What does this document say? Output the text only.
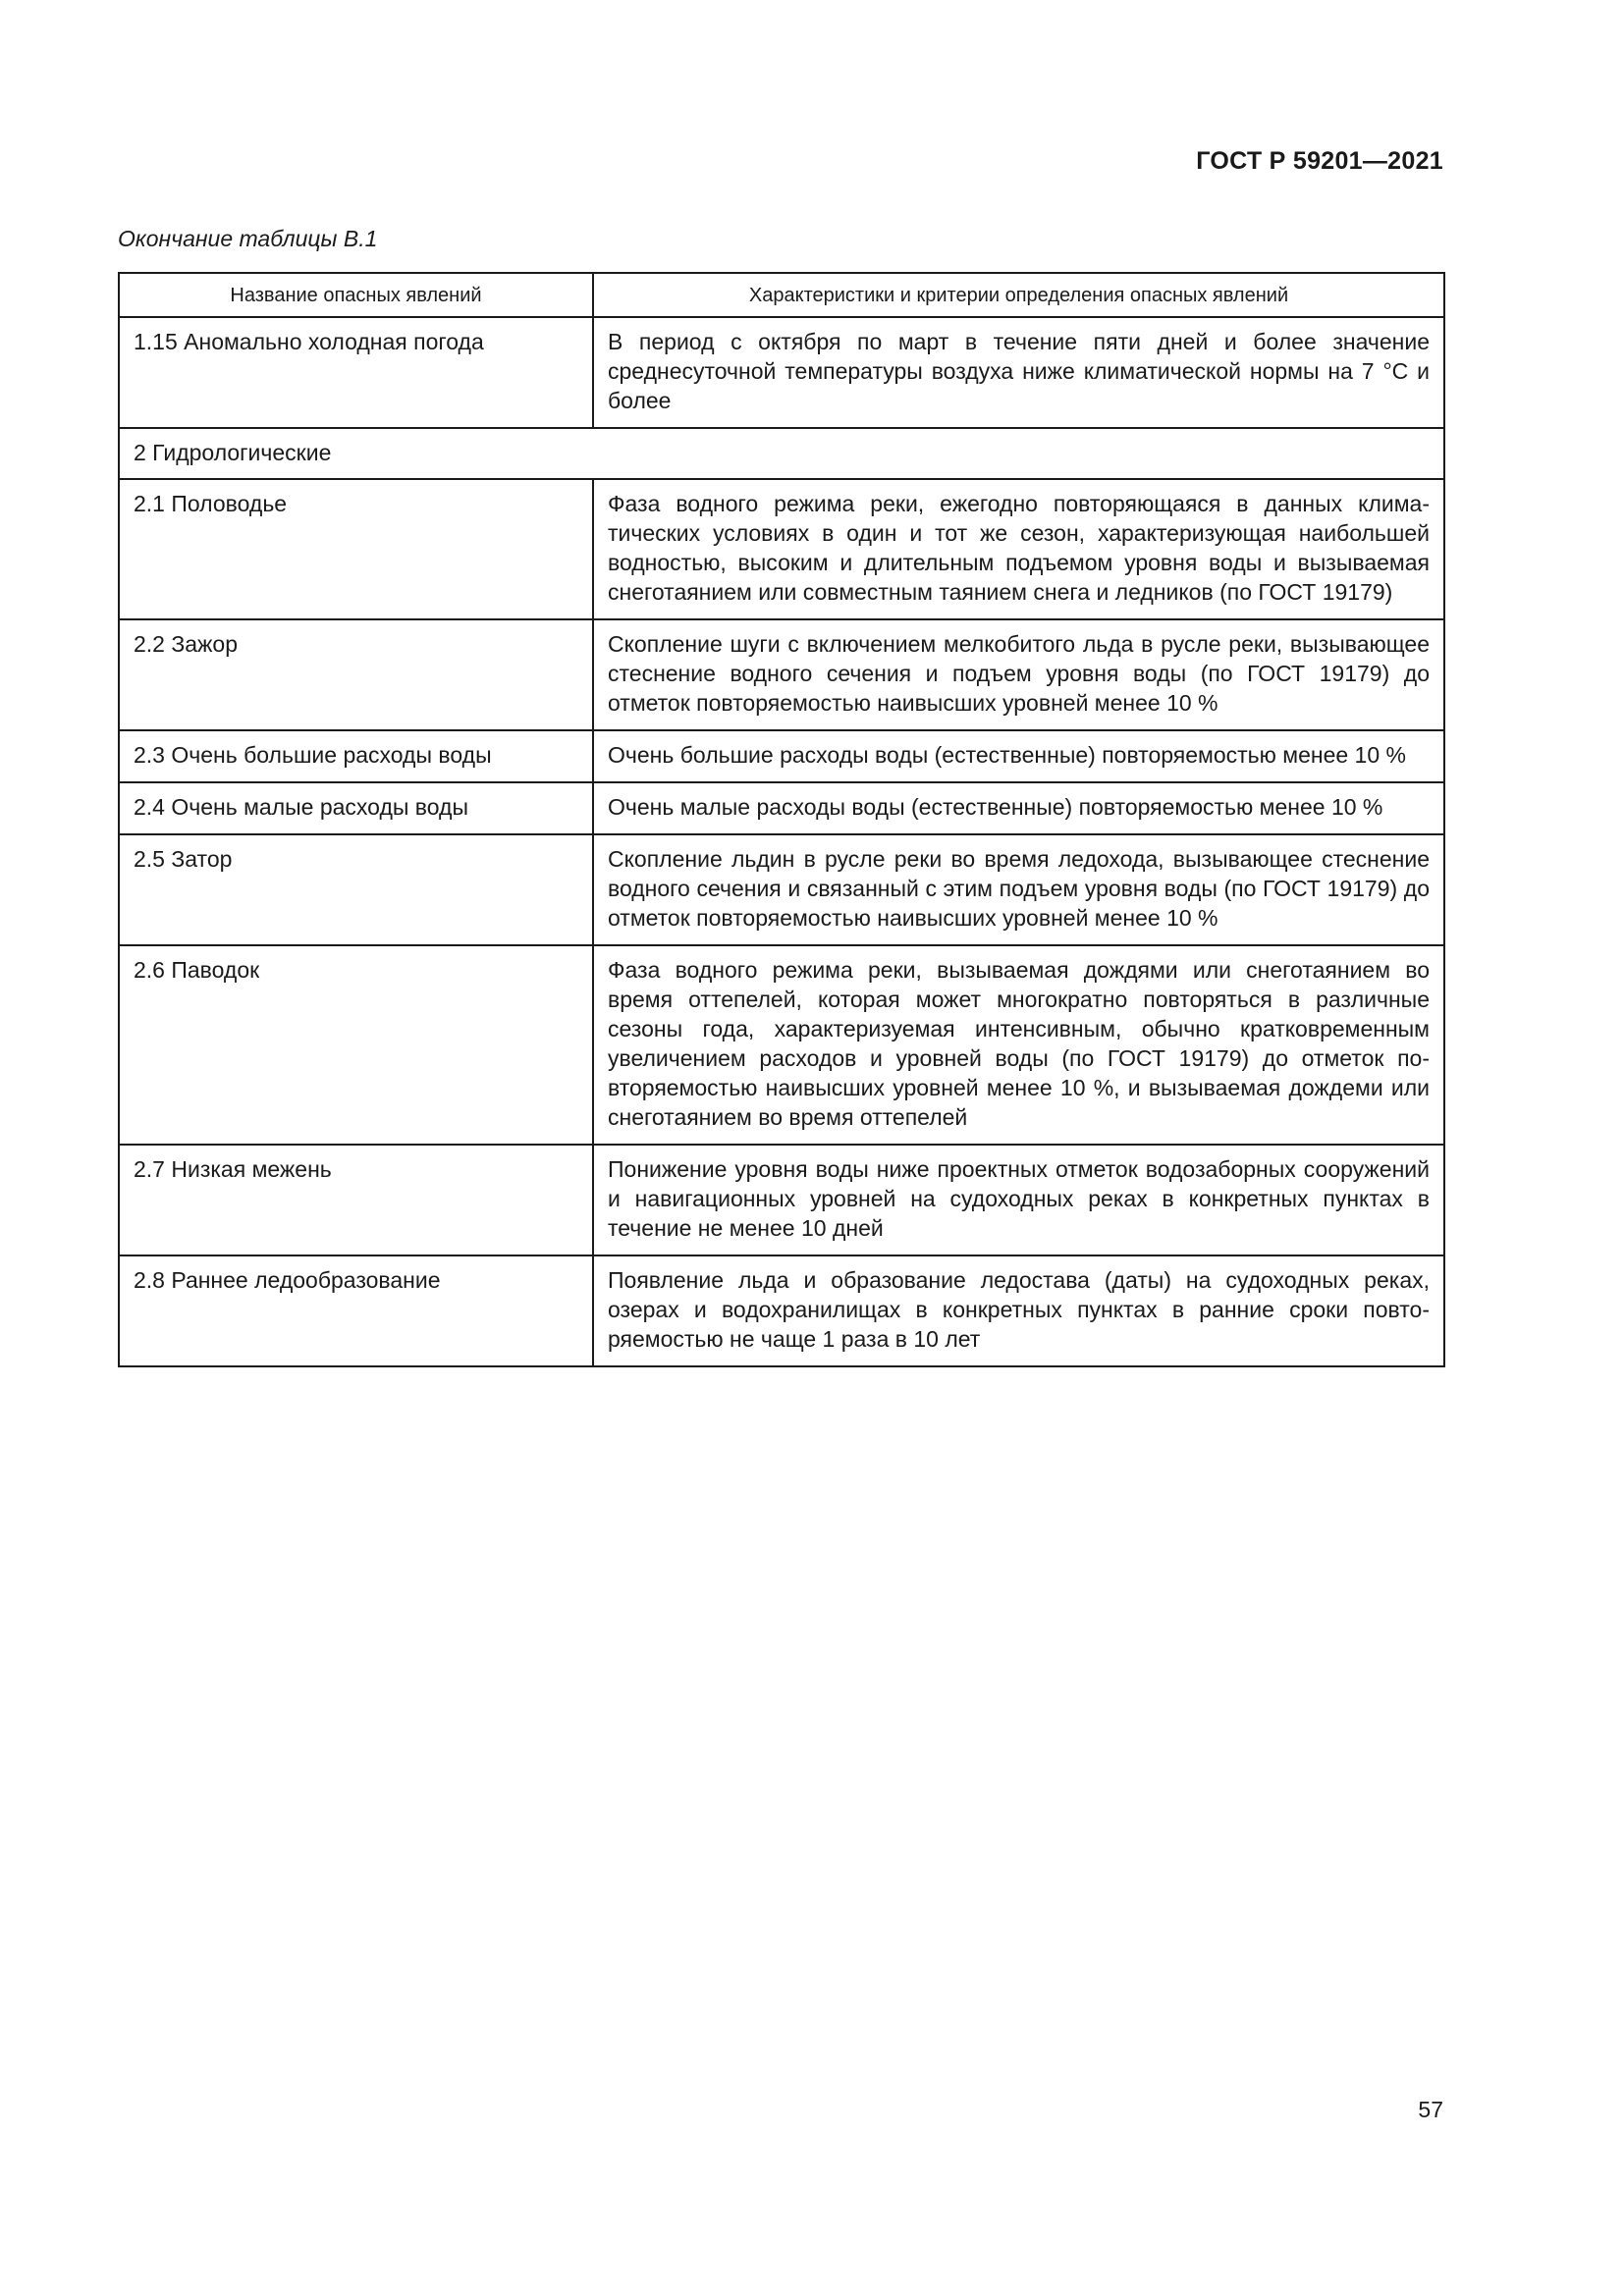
ГОСТ Р 59201—2021
Окончание таблицы В.1
Название опасных явлений	Характеристики и критерии определения опасных явлений
1.15 Аномально холодная погода	В период с октября по март в течение пяти дней и более значение среднесуточной температуры воздуха ниже климатической нормы на 7 °С и более
2 Гидрологические	
2.1 Половодье	Фаза водного режима реки, ежегодно повторяющаяся в данных климатических условиях в один и тот же сезон, характеризующая наибольшей водностью, высоким и длительным подъемом уровня воды и вызываемая снеготаянием или совместным таянием снега и ледников (по ГОСТ 19179)
2.2 Зажор	Скопление шуги с включением мелкобитого льда в русле реки, вызывающее стеснение водного сечения и подъем уровня воды (по ГОСТ 19179) до отметок повторяемостью наивысших уровней менее 10 %
2.3 Очень большие расходы воды	Очень большие расходы воды (естественные) повторяемостью менее 10 %
2.4 Очень малые расходы воды	Очень малые расходы воды (естественные) повторяемостью менее 10 %
2.5 Затор	Скопление льдин в русле реки во время ледохода, вызывающее стеснение водного сечения и связанный с этим подъем уровня воды (по ГОСТ 19179) до отметок повторяемостью наивысших уровней менее 10 %
2.6 Паводок	Фаза водного режима реки, вызываемая дождями или снеготаянием во время оттепелей, которая может многократно повторяться в различные сезоны года, характеризуемая интенсивным, обычно кратковременным увеличением расходов и уровней воды (по ГОСТ 19179) до отметок повторяемостью наивысших уровней менее 10 %, и вызываемая дождеми или снеготаянием во время оттепелей
2.7 Низкая межень	Понижение уровня воды ниже проектных отметок водозаборных сооружений и навигационных уровней на судоходных реках в конкретных пунктах в течение не менее 10 дней
2.8 Раннее ледообразование	Появление льда и образование ледостава (даты) на судоходных реках, озерах и водохранилищах в конкретных пунктах в ранние сроки повторяемостью не чаще 1 раза в 10 лет
57
